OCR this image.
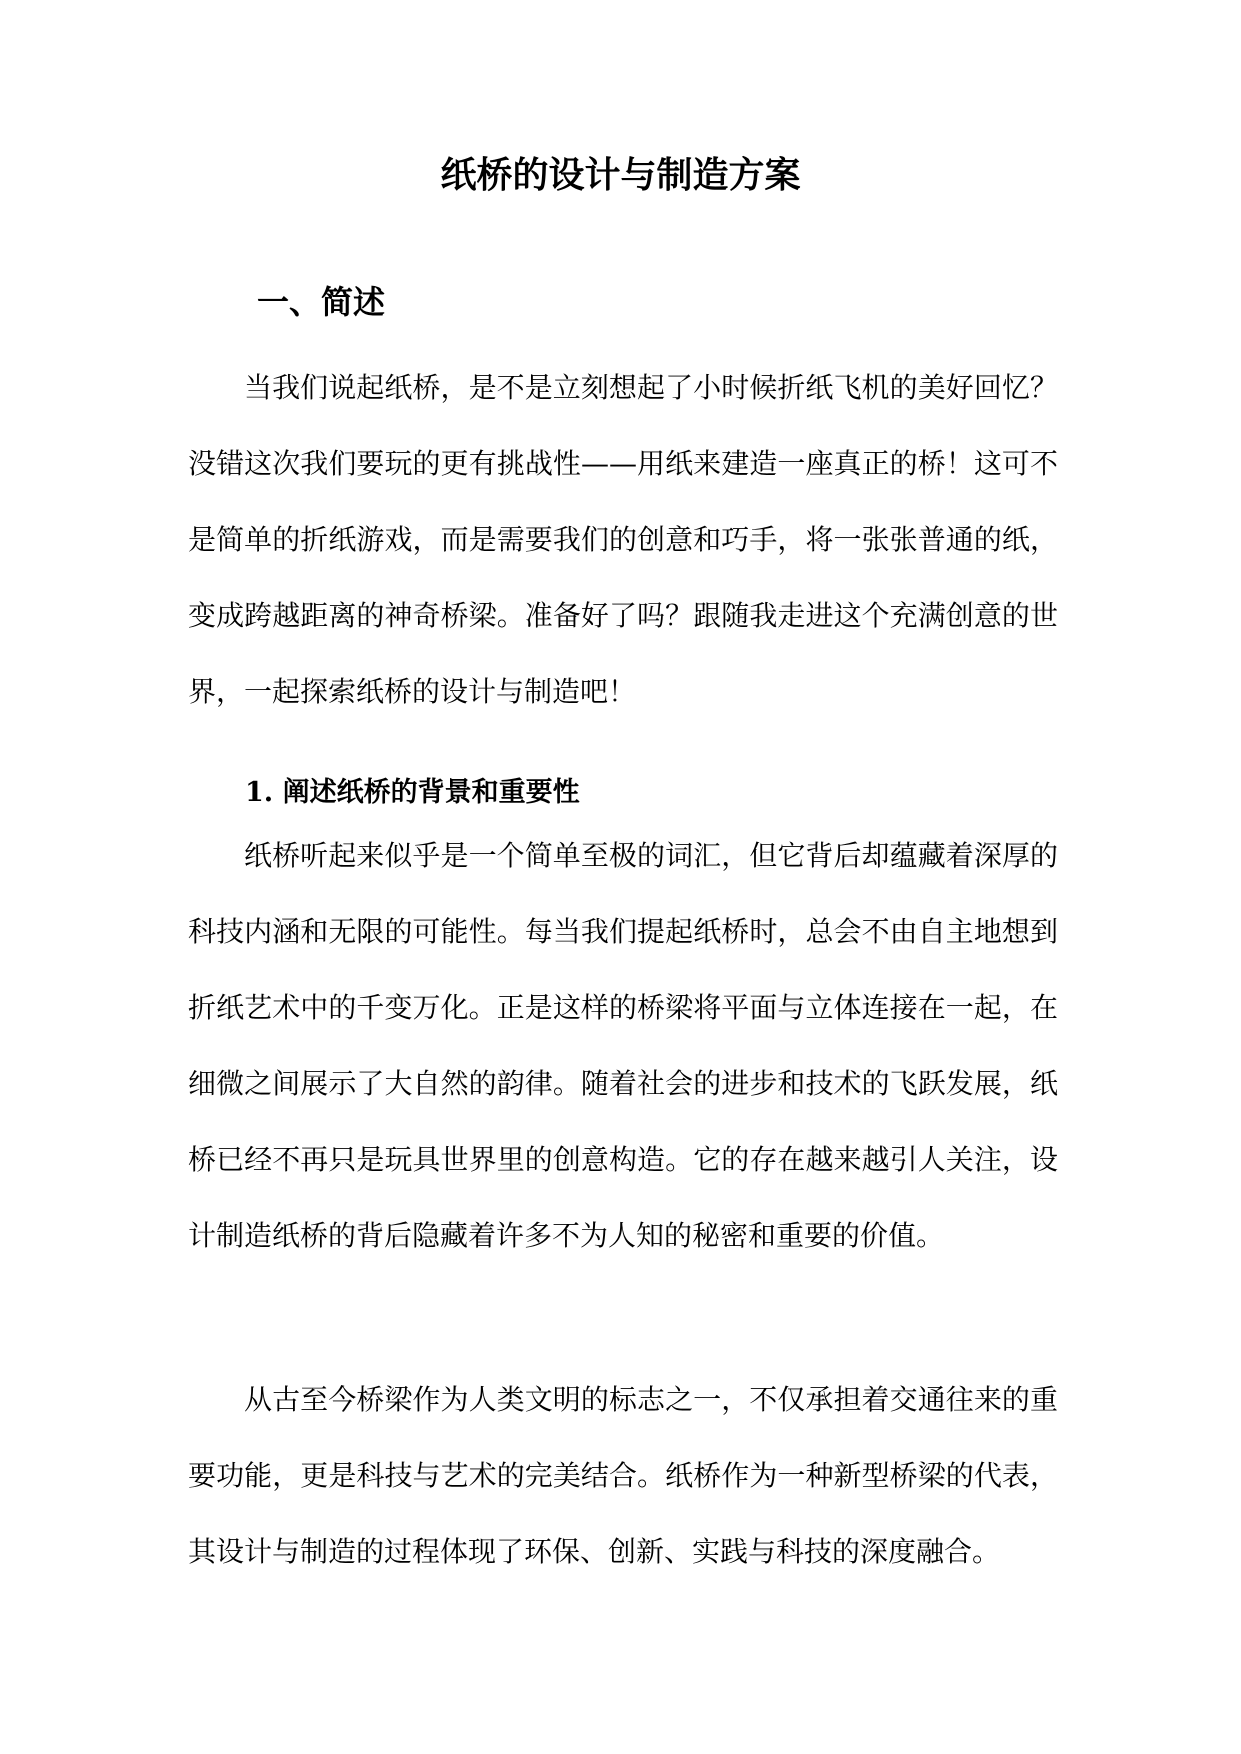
纸桥的设计与制造方案
一、简述

当我们说起纸桥，是不是立刻想起了小时候折纸飞机的美好回忆？没错这次我们要玩的更有挑战性——用纸来建造一座真正的桥！这可不是简单的折纸游戏，而是需要我们的创意和巧手，将一张张普通的纸，变成跨越距离的神奇桥梁。准备好了吗？跟随我走进这个充满创意的世界，一起探索纸桥的设计与制造吧！

1. 阐述纸桥的背景和重要性

纸桥听起来似乎是一个简单至极的词汇，但它背后却蕴藏着深厚的科技内涵和无限的可能性。每当我们提起纸桥时，总会不由自主地想到折纸艺术中的千变万化。正是这样的桥梁将平面与立体连接在一起，在细微之间展示了大自然的韵律。随着社会的进步和技术的飞跃发展，纸桥已经不再只是玩具世界里的创意构造。它的存在越来越引人关注，设计制造纸桥的背后隐藏着许多不为人知的秘密和重要的价值。

从古至今桥梁作为人类文明的标志之一，不仅承担着交通往来的重要功能，更是科技与艺术的完美结合。纸桥作为一种新型桥梁的代表，其设计与制造的过程体现了环保、创新、实践与科技的深度融合。
